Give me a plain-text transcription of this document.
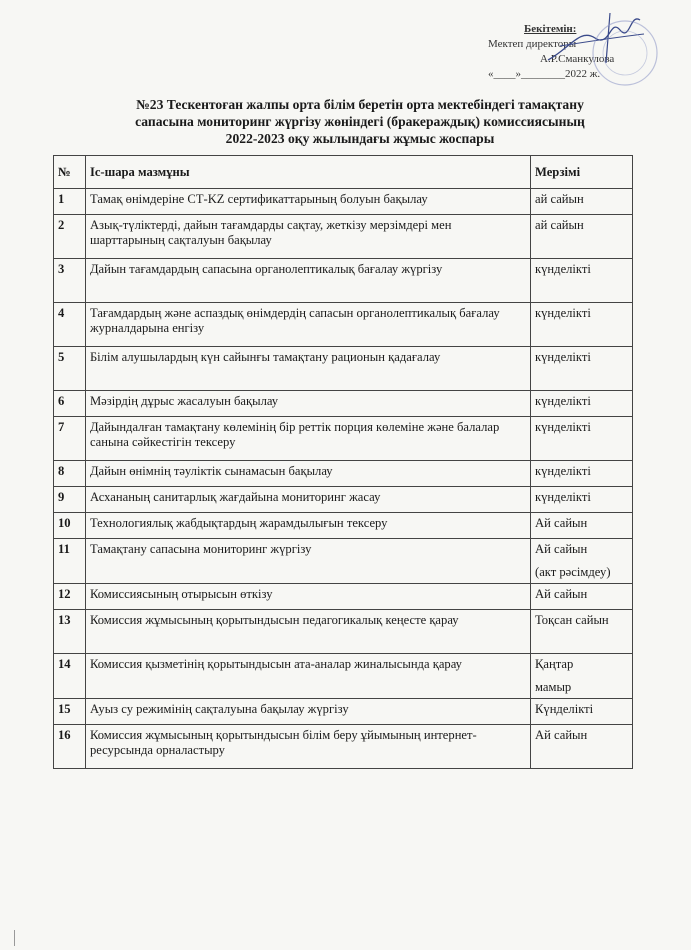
Бекітемін:
Мектеп директоры
А.Р.Сманкулова
«____»________2022 ж.
№23 Тескентоған жалпы орта білім беретін орта мектебіндегі тамақтану
сапасына мониторинг жүргізу жөніндегі (бракераждық) комиссиясының
2022-2023 оқу жылындағы жұмыс жоспары
№	Іс-шара мазмұны	Мерзімі
1	Тамақ өнімдеріне СТ-KZ сертификаттарының болуын бақылау	ай сайын

2	Азық-түліктерді, дайын тағамдарды сақтау, жеткізу мерзімдері мен шарттарының сақталуын бақылау	ай сайын

3	Дайын тағамдардың сапасына органолептикалық бағалау жүргізу	күнделікті

4	Тағамдардың және аспаздық өнімдердің сапасын органолептикалық бағалау журналдарына енгізу	күнделікті

5	Білім алушылардың күн сайынғы тамақтану рационын қадағалау	күнделікті

6	Мәзірдің дұрыс жасалуын бақылау	күнделікті

7	Дайындалған тамақтану көлемінің бір реттік порция көлеміне және балалар санына сәйкестігін тексеру	күнделікті

8	Дайын өнімнің тәуліктік сынамасын бақылау	күнделікті

9	Асхананың санитарлық жағдайына мониторинг жасау	күнделікті

10	Технологиялық жабдықтардың жарамдылығын тексеру	Ай сайын

11	Тамақтану сапасына мониторинг жүргізу	Ай сайын
(акт рәсімдеу)

12	Комиссиясының отырысын өткізу	Ай сайын

13	Комиссия жұмысының қорытындысын педагогикалық кеңесте қарау	Тоқсан сайын

14	Комиссия қызметінің қорытындысын ата-аналар жиналысында қарау	Қаңтар
мамыр

15	Ауыз су режимінің сақталуына бақылау жүргізу	Күнделікті

16	Комиссия жұмысының қорытындысын білім беру ұйымының интернет-ресурсында орналастыру	Ай сайын
